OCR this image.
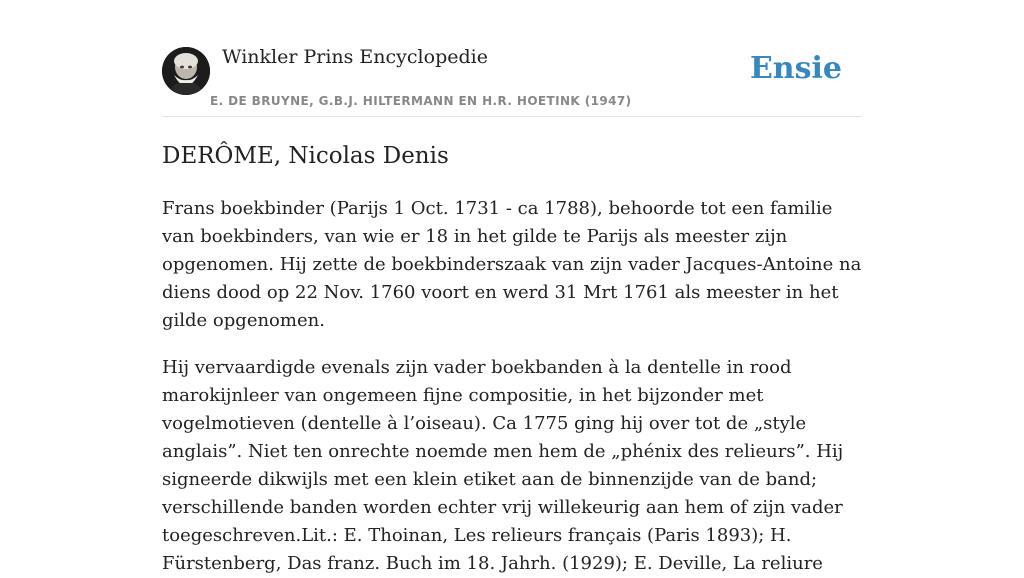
Winkler Prins Encyclopedie
E. DE BRUYNE, G.B.J. HILTERMANN EN H.R. HOETINK (1947)
Ensie
DERÔME, Nicolas Denis

Frans boekbinder (Parijs 1 Oct. 1731 - ca 1788), behoorde tot een familie van boekbinders, van wie er 18 in het gilde te Parijs als meester zijn opgenomen. Hij zette de boekbinderszaak van zijn vader Jacques-Antoine na diens dood op 22 Nov. 1760 voort en werd 31 Mrt 1761 als meester in het gilde opgenomen.

Hij vervaardigde evenals zijn vader boekbanden à la dentelle in rood marokijnleer van ongemeen fijne compositie, in het bijzonder met vogelmotieven (dentelle à l’oiseau). Ca 1775 ging hij over tot de „style anglais”. Niet ten onrechte noemde men hem de „phénix des relieurs”. Hij signeerde dikwijls met een klein etiket aan de binnenzijde van de band; verschillende banden worden echter vrij willekeurig aan hem of zijn vader toegeschreven.Lit.: E. Thoinan, Les relieurs français (Paris 1893); H. Fürstenberg, Das franz. Buch im 18. Jahrh. (1929); E. Deville, La reliure
